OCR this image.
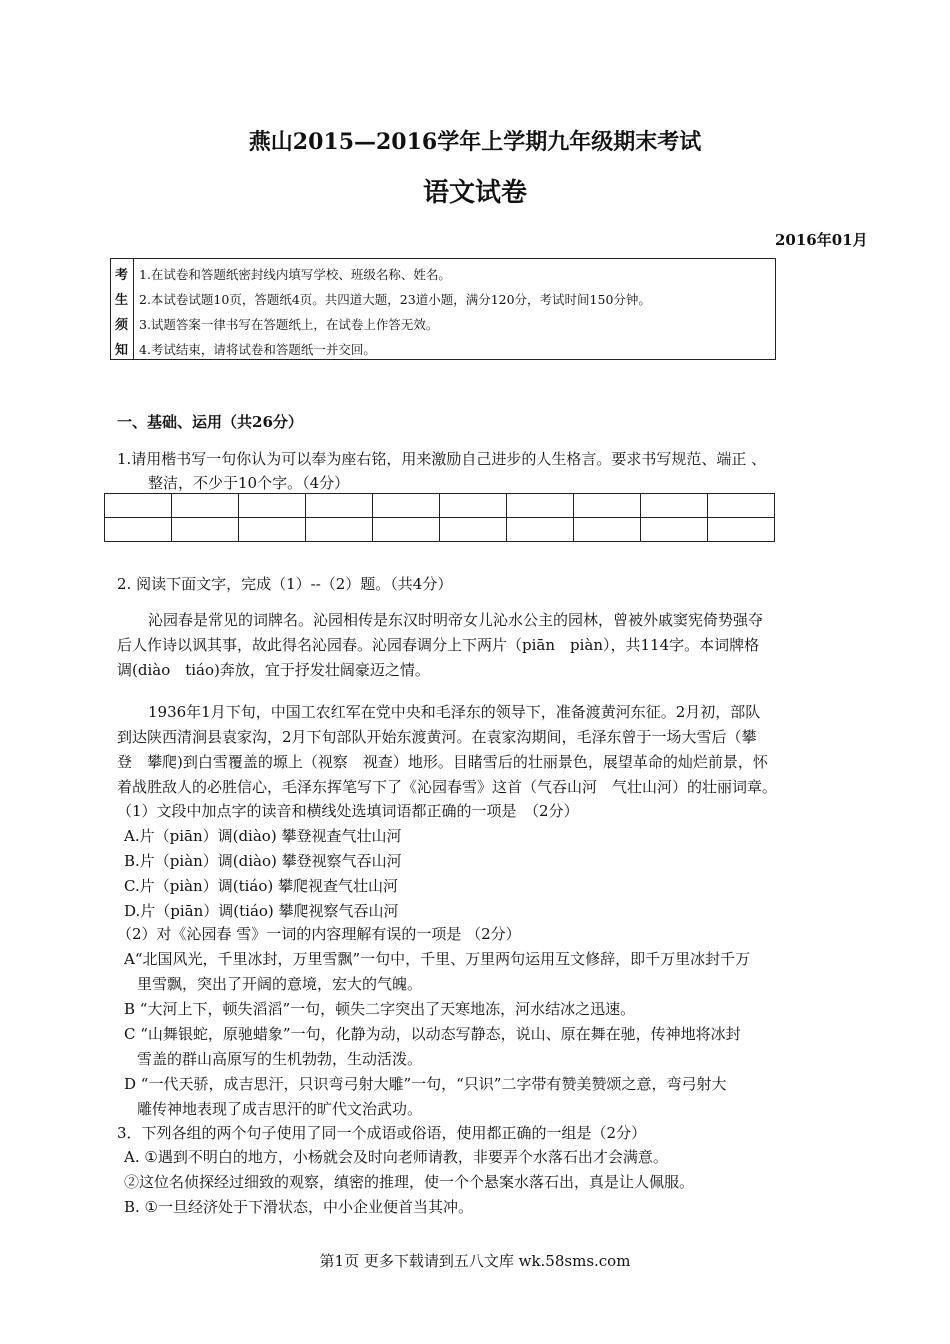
燕山2015—2016学年上学期九年级期末考试
语文试卷
2016年01月
考
生
须
知
1.在试卷和答题纸密封线内填写学校、班级名称、姓名。
2.本试卷试题10页，答题纸4页。共四道大题，23道小题，满分120分，考试时间150分钟。
3.试题答案一律书写在答题纸上，在试卷上作答无效。
4.考试结束，请将试卷和答题纸一并交回。
一、基础、运用（共26分）
1.请用楷书写一句你认为可以奉为座右铭，用来激励自己进步的人生格言。要求书写规范、端正 、
整洁，不少于10个字。（4分）

2. 阅读下面文字，完成（1）--（2）题。（共4分）
沁园春是常见的词牌名。沁园相传是东汉时明帝女儿沁水公主的园林，曾被外戚窦宪倚势强夺
后人作诗以讽其事，故此得名沁园春。沁园春调分上下两片（piān　piàn），共114字。本词牌格
调(diào　tiáo)奔放，宜于抒发壮阔豪迈之情。
1936年1月下旬，中国工农红军在党中央和毛泽东的领导下，准备渡黄河东征。2月初，部队
到达陕西清涧县袁家沟，2月下旬部队开始东渡黄河。在袁家沟期间，毛泽东曾于一场大雪后（攀
登　攀爬)到白雪覆盖的塬上（视察　视查）地形。目睹雪后的壮丽景色，展望革命的灿烂前景，怀
着战胜敌人的必胜信心，毛泽东挥笔写下了《沁园春雪》这首（气吞山河　气壮山河）的壮丽词章。
（1）文段中加点字的读音和横线处选填词语都正确的一项是　（2分）
A.片（piān）调(diào) 攀登视查气壮山河
B.片（piàn）调(diào) 攀登视察气吞山河
C.片（piàn）调(tiáo) 攀爬视查气壮山河
D.片（piān）调(tiáo) 攀爬视察气吞山河
（2）对《沁园春 雪》一词的内容理解有误的一项是 （2分）
A“北国风光，千里冰封，万里雪飘”一句中，千里、万里两句运用互文修辞，即千万里冰封千万
里雪飘，突出了开阔的意境，宏大的气魄。
B “大河上下，顿失滔滔”一句，顿失二字突出了天寒地冻，河水结冰之迅速。
C “山舞银蛇，原驰蜡象”一句，化静为动，以动态写静态，说山、原在舞在驰，传神地将冰封
雪盖的群山高原写的生机勃勃，生动活泼。
D “一代天骄，成吉思汗，只识弯弓射大雕”一句，“只识”二字带有赞美赞颂之意，弯弓射大
雕传神地表现了成吉思汗的旷代文治武功。
3．下列各组的两个句子使用了同一个成语或俗语，使用都正确的一组是（2分）
A. ①遇到不明白的地方，小杨就会及时向老师请教，非要弄个水落石出才会满意。
②这位名侦探经过细致的观察，缜密的推理，使一个个悬案水落石出，真是让人佩服。
B. ①一旦经济处于下滑状态，中小企业便首当其冲。
第1页 更多下载请到五八文库 wk.58sms.com
